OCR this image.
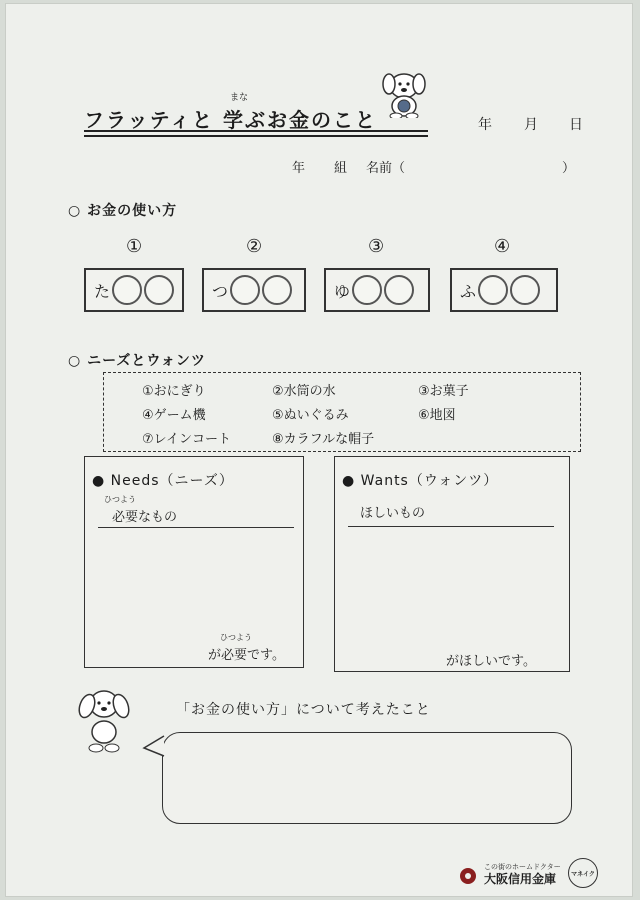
まな
フラッティと 学ぶお金のこと	年 月 日
年 組 名前（	）
○ お金の使い方
①	②	③	④
た	つ	ゆ	ふ
○ ニーズとウォンツ
①おにぎり	②水筒の水	③お菓子
④ゲーム機	⑤ぬいぐるみ	⑥地図
⑦レインコート	⑧カラフルな帽子
● Needs（ニーズ）
ひつよう
必要なもの
ひつよう
が必要です。
● Wants（ウォンツ）
ほしいもの
がほしいです。
「お金の使い方」について考えたこと
この街のホームドクター
大阪信用金庫	マネイク
